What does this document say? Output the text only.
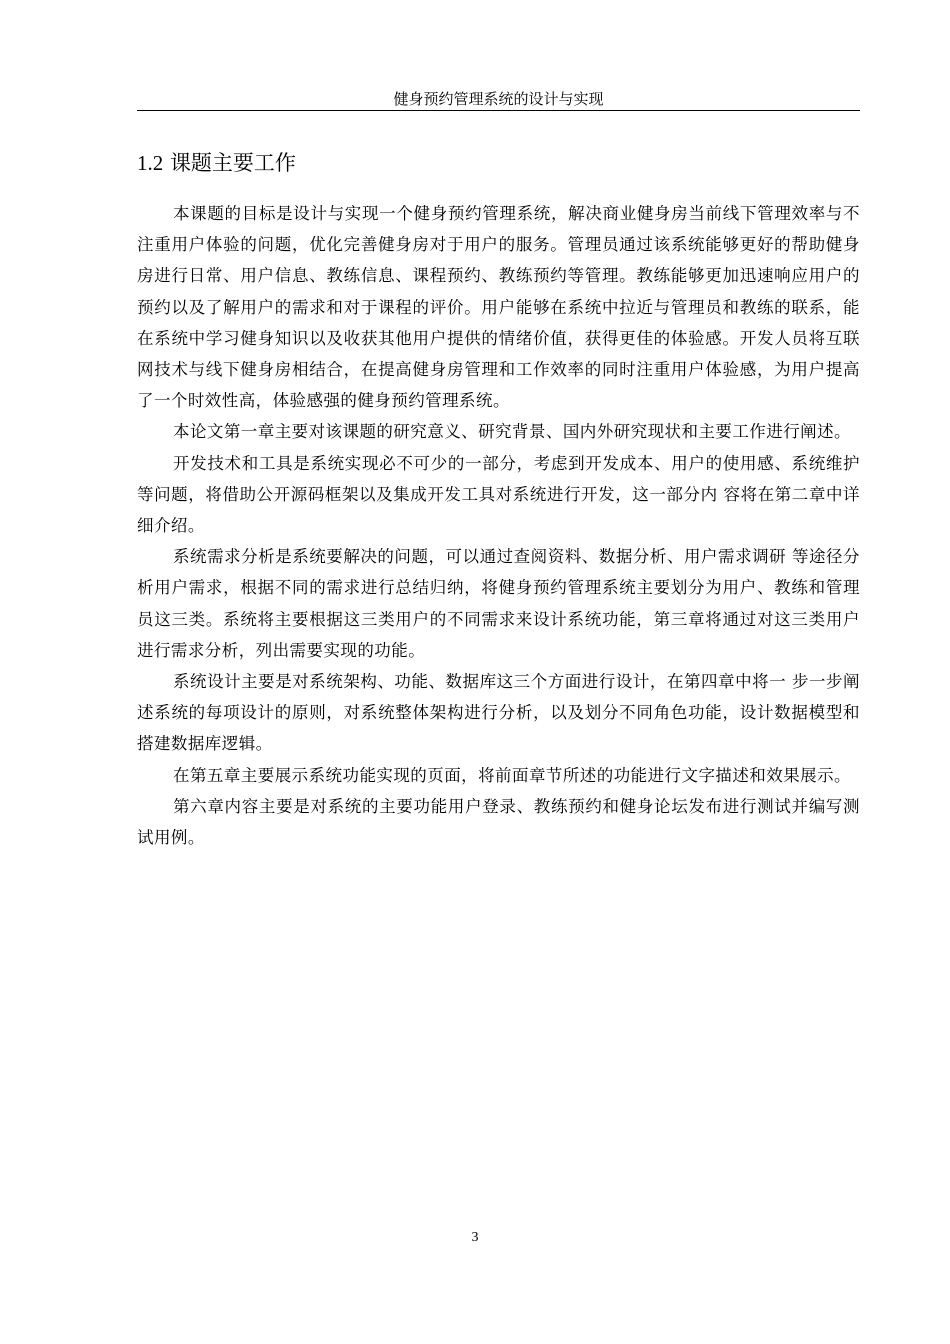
健身预约管理系统的设计与实现
1.2 课题主要工作

本课题的目标是设计与实现一个健身预约管理系统，解决商业健身房当前线下管理效率与不注重用户体验的问题，优化完善健身房对于用户的服务。管理员通过该系统能够更好的帮助健身房进行日常、用户信息、教练信息、课程预约、教练预约等管理。教练能够更加迅速响应用户的预约以及了解用户的需求和对于课程的评价。用户能够在系统中拉近与管理员和教练的联系，能在系统中学习健身知识以及收获其他用户提供的情绪价值，获得更佳的体验感。开发人员将互联网技术与线下健身房相结合，在提高健身房管理和工作效率的同时注重用户体验感，为用户提高了一个时效性高，体验感强的健身预约管理系统。

本论文第一章主要对该课题的研究意义、研究背景、国内外研究现状和主要工作进行阐述。

开发技术和工具是系统实现必不可少的一部分，考虑到开发成本、用户的使用感、系统维护等问题，将借助公开源码框架以及集成开发工具对系统进行开发，这一部分内 容将在第二章中详细介绍。

系统需求分析是系统要解决的问题，可以通过查阅资料、数据分析、用户需求调研 等途径分析用户需求，根据不同的需求进行总结归纳，将健身预约管理系统主要划分为用户、教练和管理员这三类。系统将主要根据这三类用户的不同需求来设计系统功能，第三章将通过对这三类用户进行需求分析，列出需要实现的功能。

系统设计主要是对系统架构、功能、数据库这三个方面进行设计，在第四章中将一 步一步阐述系统的每项设计的原则，对系统整体架构进行分析，以及划分不同角色功能，设计数据模型和搭建数据库逻辑。

在第五章主要展示系统功能实现的页面，将前面章节所述的功能进行文字描述和效果展示。

第六章内容主要是对系统的主要功能用户登录、教练预约和健身论坛发布进行测试并编写测试用例。

3
